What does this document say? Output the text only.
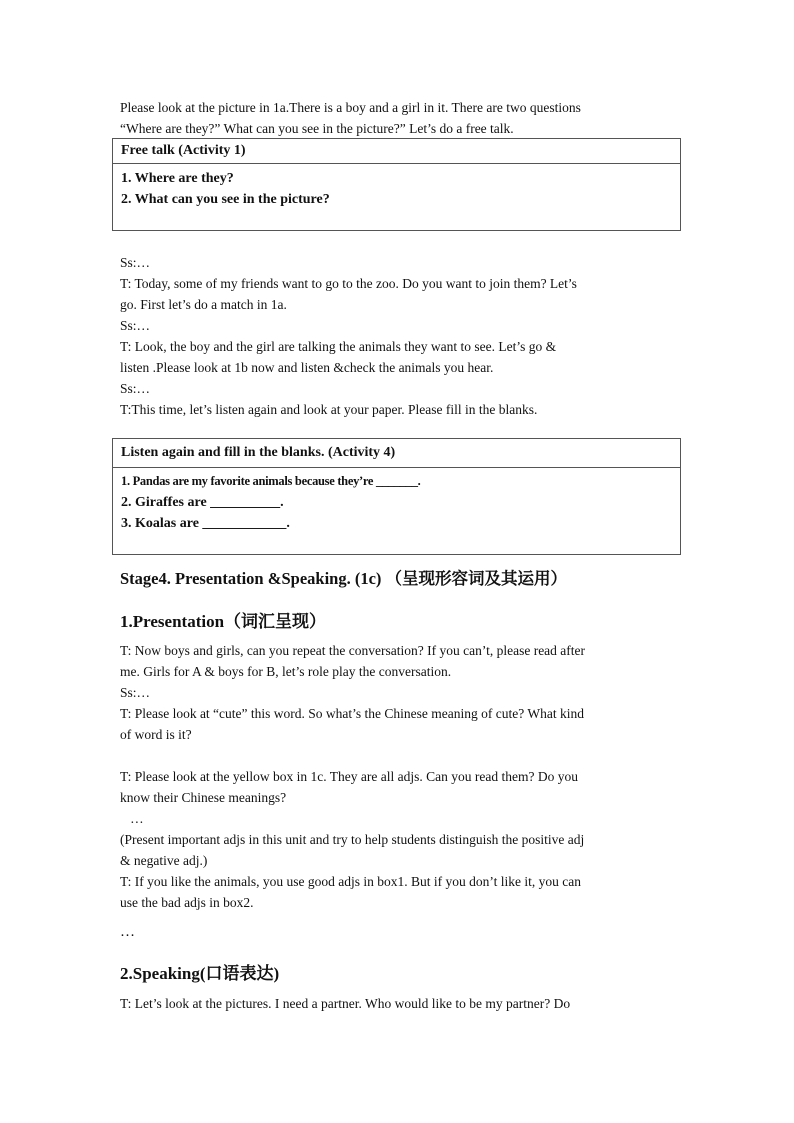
Please look at the picture in 1a.There is a boy and a girl in it. There are two questions
“Where are they?” What can you see in the picture?” Let’s do a free talk.
Free talk (Activity 1)
1. Where are they?
2. What can you see in the picture?
Ss:…
T: Today, some of my friends want to go to the zoo. Do you want to join them? Let’s
go. First let’s do a match in 1a.
Ss:…
T: Look, the boy and the girl are talking the animals they want to see. Let’s go &
listen .Please look at 1b now and listen &check the animals you hear.
Ss:…
T:This time, let’s listen again and look at your paper. Please fill in the blanks.
Listen again and fill in the blanks. (Activity 4)
1. Pandas are my favorite animals because they’re _______.
2. Giraffes are __________.
3. Koalas are ____________.
Stage4. Presentation &Speaking. (1c) （呈现形容词及其运用）
1.Presentation（词汇呈现）
T: Now boys and girls, can you repeat the conversation? If you can’t, please read after
me. Girls for A & boys for B, let’s role play the conversation.
Ss:…
T: Please look at “cute” this word. So what’s the Chinese meaning of cute? What kind
of word is it?
T: Please look at the yellow box in 1c. They are all adjs. Can you read them? Do you
know their Chinese meanings?
…
(Present important adjs in this unit and try to help students distinguish the positive adj
& negative adj.)
T: If you like the animals, you use good adjs in box1. But if you don’t like it, you can
use the bad adjs in box2.
…
2.Speaking(口语表达)
T: Let’s look at the pictures. I need a partner. Who would like to be my partner? Do
